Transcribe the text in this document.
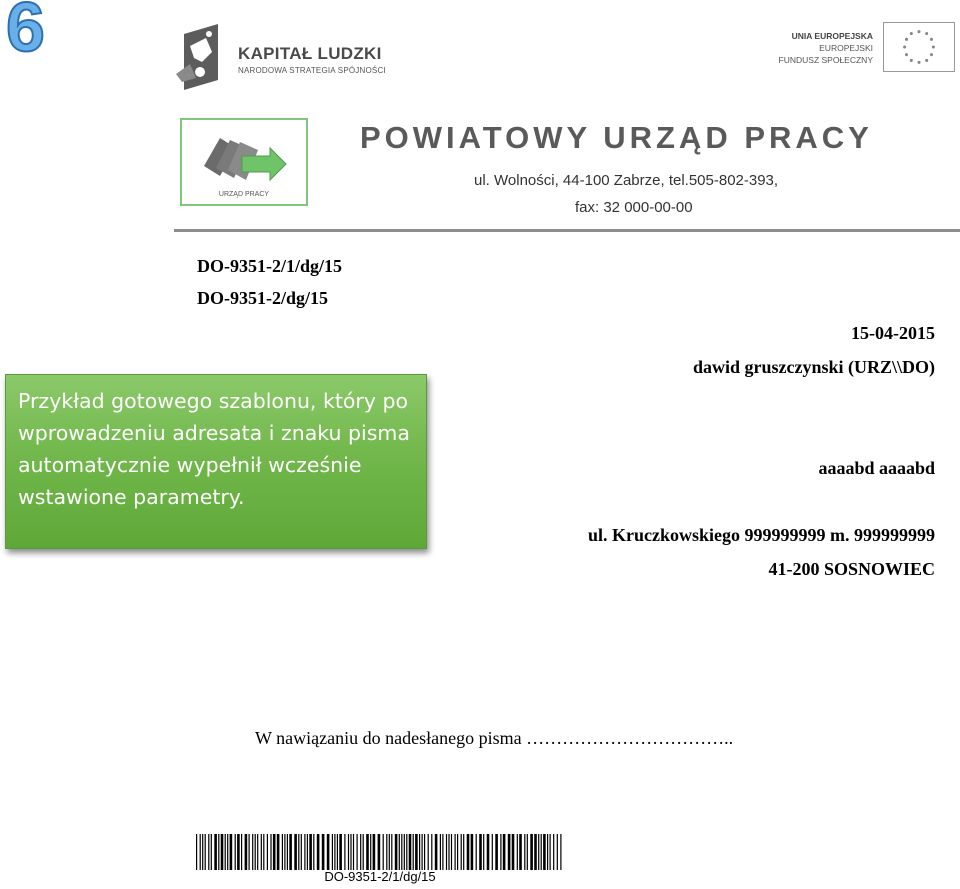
6	KAPITAŁ LUDZKI
NARODOWA STRATEGIA SPÓJNOŚCI
UNIA EUROPEJSKA
EUROPEJSKI
FUNDUSZ SPOŁECZNY
URZĄD PRACY
POWIATOWY URZĄD PRACY
ul. Wolności, 44-100 Zabrze, tel.505-802-393,
fax: 32 000-00-00
DO-9351-2/1/dg/15
DO-9351-2/dg/15
15-04-2015
dawid gruszczynski (URZ\\DO)
aaaabd aaaabd
ul. Kruczkowskiego 999999999 m. 999999999
41-200 SOSNOWIEC
W nawiązaniu do nadesłanego pisma ……………………………..
Przykład gotowego szablonu, który po wprowadzeniu adresata i znaku pisma automatycznie wypełnił wcześnie wstawione parametry.
DO-9351-2/1/dg/15
